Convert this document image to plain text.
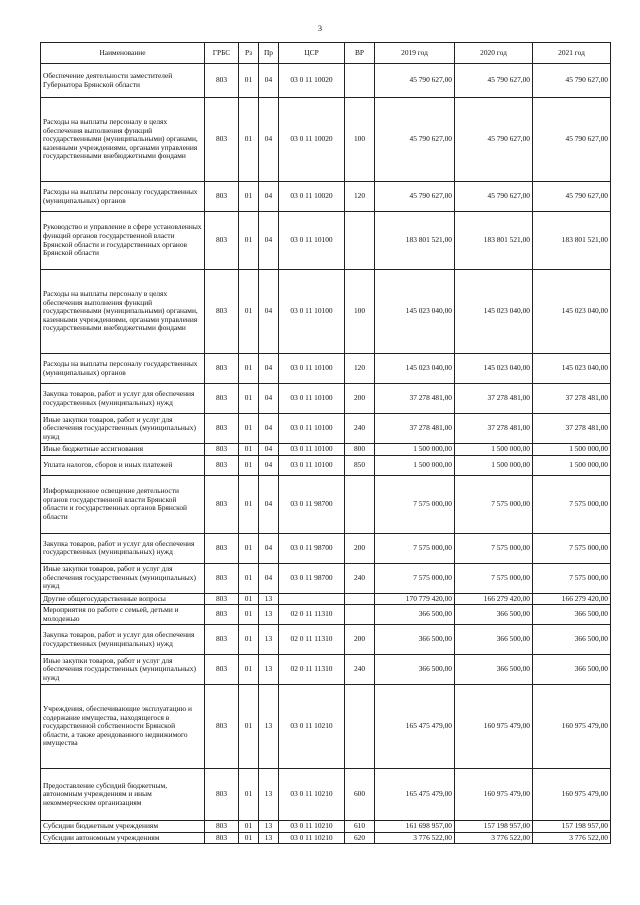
3
Наименование	ГРБС	Рз	Пр	ЦСР	ВР	2019 год	2020 год	2021 год
Обеспечение деятельности заместителей Губернатора Брянской области	803	01	04	03 0 11 10020		45 790 627,00	45 790 627,00	45 790 627,00
Расходы на выплаты персоналу в целях обеспечения выполнения функций государственными (муниципальными) органами, казенными учреждениями, органами управления государственными внебюджетными фондами	803	01	04	03 0 11 10020	100	45 790 627,00	45 790 627,00	45 790 627,00
Расходы на выплаты персоналу государственных (муниципальных) органов	803	01	04	03 0 11 10020	120	45 790 627,00	45 790 627,00	45 790 627,00
Руководство и управление в сфере установленных функций органов государственной власти Брянской области и государственных органов Брянской области	803	01	04	03 0 11 10100		183 801 521,00	183 801 521,00	183 801 521,00
Расходы на выплаты персоналу в целях обеспечения выполнения функций государственными (муниципальными) органами, казенными учреждениями, органами управления государственными внебюджетными фондами	803	01	04	03 0 11 10100	100	145 023 040,00	145 023 040,00	145 023 040,00
Расходы на выплаты персоналу государственных (муниципальных) органов	803	01	04	03 0 11 10100	120	145 023 040,00	145 023 040,00	145 023 040,00
Закупка товаров, работ и услуг для обеспечения государственных (муниципальных) нужд	803	01	04	03 0 11 10100	200	37 278 481,00	37 278 481,00	37 278 481,00
Иные закупки товаров, работ и услуг для обеспечения государственных (муниципальных) нужд	803	01	04	03 0 11 10100	240	37 278 481,00	37 278 481,00	37 278 481,00
Иные бюджетные ассигнования	803	01	04	03 0 11 10100	800	1 500 000,00	1 500 000,00	1 500 000,00
Уплата налогов, сборов и иных платежей	803	01	04	03 0 11 10100	850	1 500 000,00	1 500 000,00	1 500 000,00
Информационное освещение деятельности органов государственной власти Брянской области и государственных органов Брянской области	803	01	04	03 0 11 98700		7 575 000,00	7 575 000,00	7 575 000,00
Закупка товаров, работ и услуг для обеспечения государственных (муниципальных) нужд	803	01	04	03 0 11 98700	200	7 575 000,00	7 575 000,00	7 575 000,00
Иные закупки товаров, работ и услуг для обеспечения государственных (муниципальных) нужд	803	01	04	03 0 11 98700	240	7 575 000,00	7 575 000,00	7 575 000,00
Другие общегосударственные вопросы	803	01	13			170 779 420,00	166 279 420,00	166 279 420,00
Мероприятия по работе с семьей, детьми и молодежью	803	01	13	02 0 11 11310		366 500,00	366 500,00	366 500,00
Закупка товаров, работ и услуг для обеспечения государственных (муниципальных) нужд	803	01	13	02 0 11 11310	200	366 500,00	366 500,00	366 500,00
Иные закупки товаров, работ и услуг для обеспечения государственных (муниципальных) нужд	803	01	13	02 0 11 11310	240	366 500,00	366 500,00	366 500,00
Учреждения, обеспечивающие эксплуатацию и содержание имущества, находящегося в государственной собственности Брянской области, а также арендованного недвижимого имущества	803	01	13	03 0 11 10210		165 475 479,00	160 975 479,00	160 975 479,00
Предоставление субсидий бюджетным, автономным учреждениям и иным некоммерческим организациям	803	01	13	03 0 11 10210	600	165 475 479,00	160 975 479,00	160 975 479,00
Субсидии бюджетным учреждениям	803	01	13	03 0 11 10210	610	161 698 957,00	157 198 957,00	157 198 957,00
Субсидии автономным учреждениям	803	01	13	03 0 11 10210	620	3 776 522,00	3 776 522,00	3 776 522,00
